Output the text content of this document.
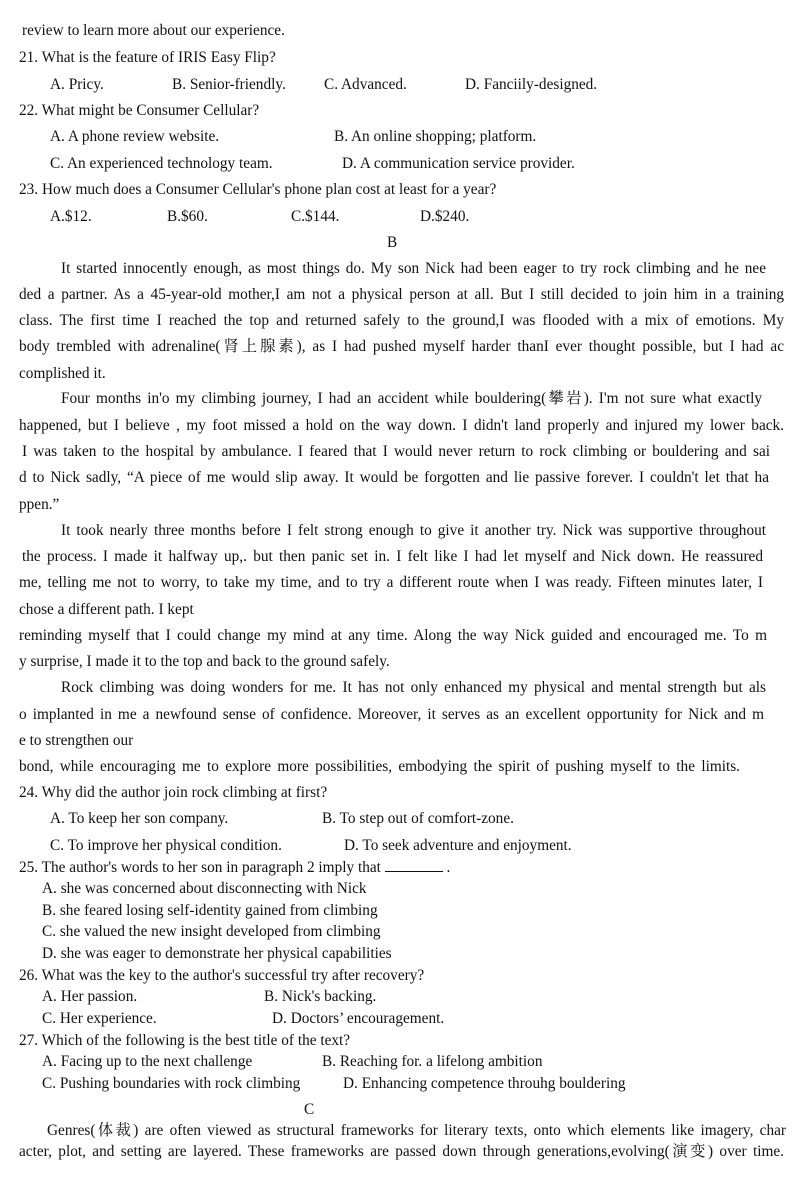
review to learn more about our experience.
21. What is the feature of IRIS Easy Flip?
A. Pricy.	B. Senior-friendly. C. Advanced.	D. Fanciily-designed.
22. What might be Consumer Cellular?
A. A phone review website.	B. An online shopping; platform.
C. An experienced technology team.	D. A communication service provider.
23. How much does a Consumer Cellular's phone plan cost at least for a year?
A.$12.	B.$60.	C.$144.	D.$240.
B
It started innocently enough, as most things do. My son Nick had been eager to try rock climbing and he nee
ded a partner. As a 45-year-old mother,I am not a physical person at all. But I still decided to join him in a training
class. The first time I reached the top and returned safely to the ground,I was flooded with a mix of emotions. My
body trembled with adrenaline(肾上腺素), as I had pushed myself harder thanI ever thought possible, but I had ac
complished it.
Four months in'o my climbing journey, I had an accident while bouldering(攀岩). I'm not sure what exactly
happened, but I believe , my foot missed a hold on the way down. I didn't land properly and injured my lower back.
I was taken to the hospital by ambulance. I feared that I would never return to rock climbing or bouldering and sai
d to Nick sadly, “A piece of me would slip away. It would be forgotten and lie passive forever. I couldn't let that ha
ppen.”
It took nearly three months before I felt strong enough to give it another try. Nick was supportive throughout
the process. I made it halfway up,. but then panic set in. I felt like I had let myself and Nick down. He reassured
me, telling me not to worry, to take my time, and to try a different route when I was ready. Fifteen minutes later, I
chose a different path. I kept
reminding myself that I could change my mind at any time. Along the way Nick guided and encouraged me. To m
y surprise, I made it to the top and back to the ground safely.
Rock climbing was doing wonders for me. It has not only enhanced my physical and mental strength but als
o implanted in me a newfound sense of confidence. Moreover, it serves as an excellent opportunity for Nick and m
e to strengthen our
bond, while encouraging me to explore more possibilities, embodying the spirit of pushing myself to the limits.
24. Why did the author join rock climbing at first?
A. To keep her son company.	B. To step out of comfort-zone.
C. To improve her physical condition.	D. To seek adventure and enjoyment.
25. The author's words to her son in paragraph 2 imply that	.
A. she was concerned about disconnecting with Nick
B. she feared losing self-identity gained from climbing
C. she valued the new insight developed from climbing
D. she was eager to demonstrate her physical capabilities
26. What was the key to the author's successful try after recovery?
A. Her passion.	B. Nick's backing.
C. Her experience.	D. Doctors’ encouragement.
27. Which of the following is the best title of the text?
A. Facing up to the next challenge	B. Reaching for. a lifelong ambition
C. Pushing boundaries with rock climbing	D. Enhancing competence throuhg bouldering
C
Genres(体裁) are often viewed as structural frameworks for literary texts, onto which elements like imagery, char
acter, plot, and setting are layered. These frameworks are passed down through generations,evolving(演变) over time.
